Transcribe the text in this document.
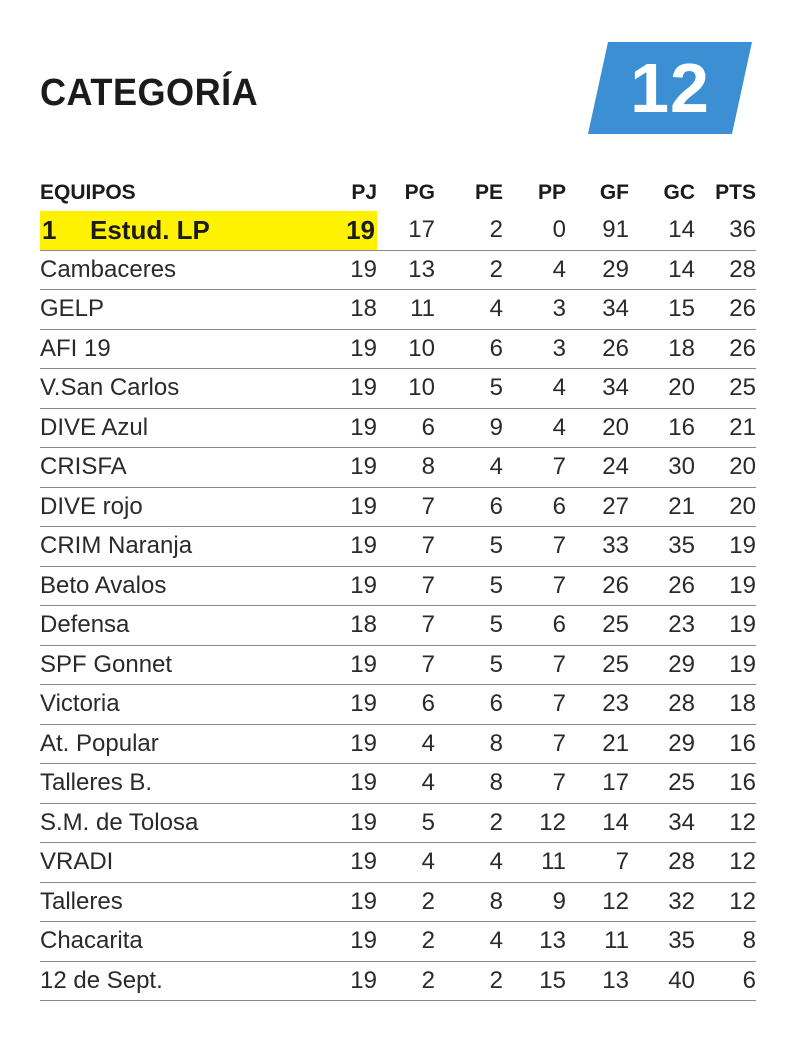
CATEGORÍA	12
EQUIPOS	PJ	PG	PE	PP	GF	GC	PTS
1 Estud. LP	19	17	2	0	91	14	36
Cambaceres	19	13	2	4	29	14	28
GELP	18	11	4	3	34	15	26
AFI 19	19	10	6	3	26	18	26
V.San Carlos	19	10	5	4	34	20	25
DIVE Azul	19	6	9	4	20	16	21
CRISFA	19	8	4	7	24	30	20
DIVE rojo	19	7	6	6	27	21	20
CRIM Naranja	19	7	5	7	33	35	19
Beto Avalos	19	7	5	7	26	26	19
Defensa	18	7	5	6	25	23	19
SPF Gonnet	19	7	5	7	25	29	19
Victoria	19	6	6	7	23	28	18
At. Popular	19	4	8	7	21	29	16
Talleres B.	19	4	8	7	17	25	16
S.M. de Tolosa	19	5	2	12	14	34	12
VRADI	19	4	4	11	7	28	12
Talleres	19	2	8	9	12	32	12
Chacarita	19	2	4	13	11	35	8
12 de Sept.	19	2	2	15	13	40	6
